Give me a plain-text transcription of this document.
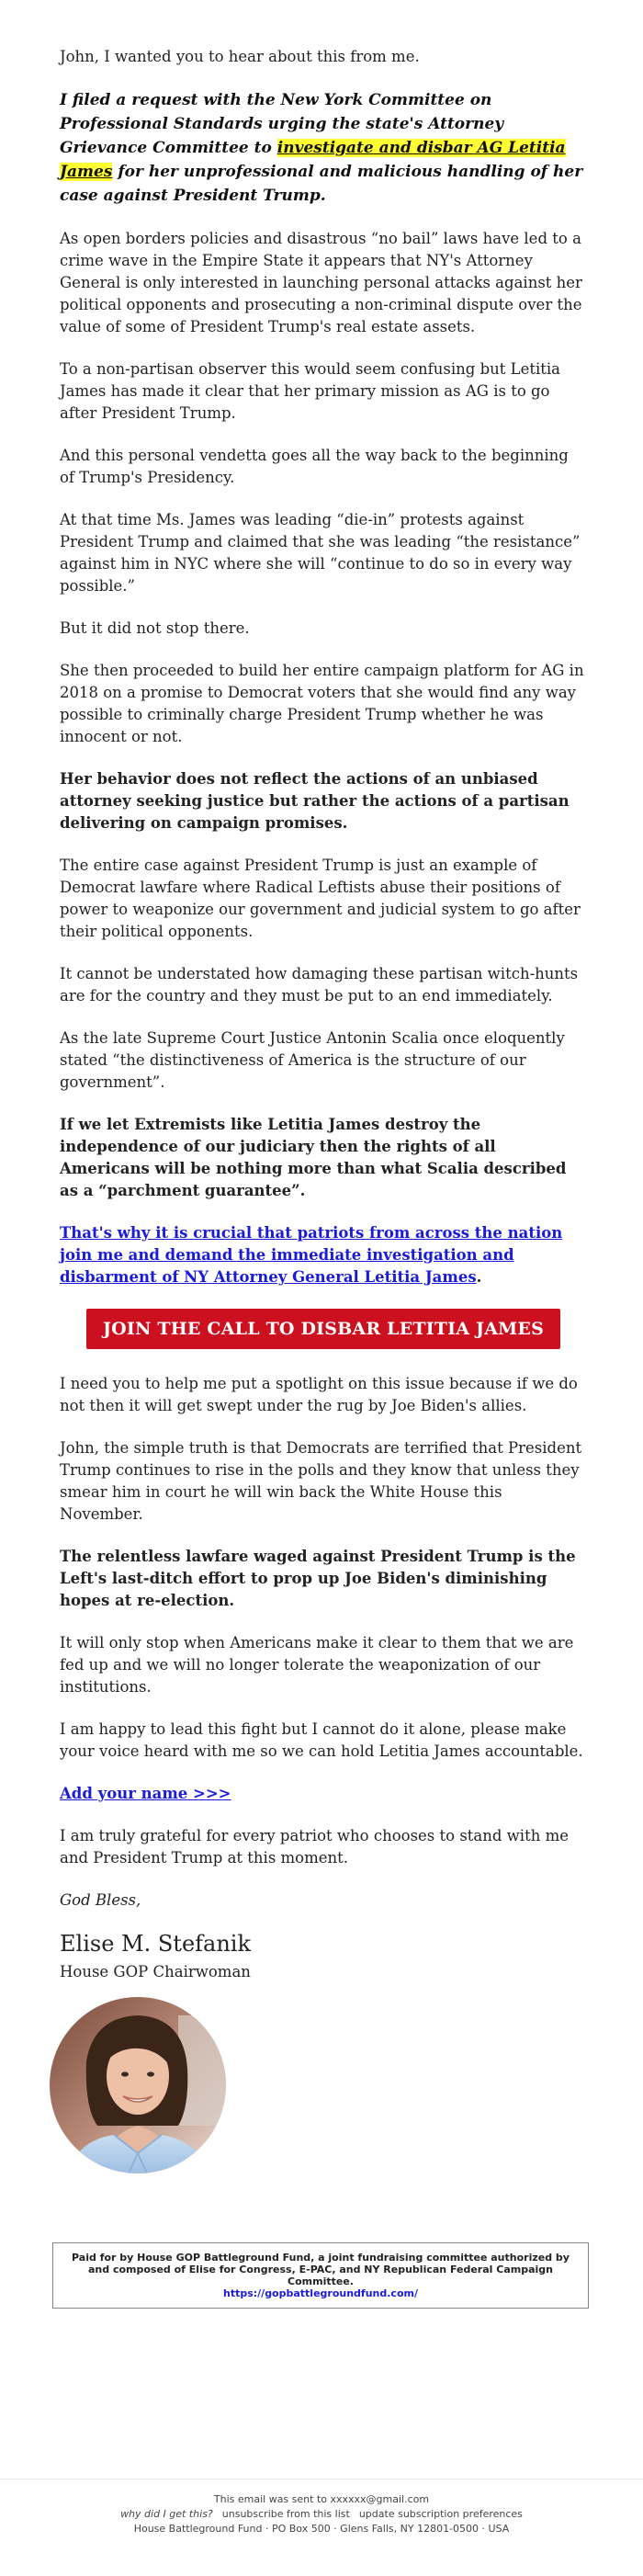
John, I wanted you to hear about this from me.

I filed a request with the New York Committee on Professional Standards urging the state's Attorney Grievance Committee to investigate and disbar AG Letitia James for her unprofessional and malicious handling of her case against President Trump.

As open borders policies and disastrous “no bail” laws have led to a crime wave in the Empire State it appears that NY's Attorney General is only interested in launching personal attacks against her political opponents and prosecuting a non-criminal dispute over the value of some of President Trump's real estate assets.

To a non-partisan observer this would seem confusing but Letitia James has made it clear that her primary mission as AG is to go after President Trump.

And this personal vendetta goes all the way back to the beginning of Trump's Presidency.

At that time Ms. James was leading “die-in” protests against President Trump and claimed that she was leading “the resistance” against him in NYC where she will “continue to do so in every way possible.”

But it did not stop there.

She then proceeded to build her entire campaign platform for AG in 2018 on a promise to Democrat voters that she would find any way possible to criminally charge President Trump whether he was innocent or not.

Her behavior does not reflect the actions of an unbiased attorney seeking justice but rather the actions of a partisan delivering on campaign promises.

The entire case against President Trump is just an example of Democrat lawfare where Radical Leftists abuse their positions of power to weaponize our government and judicial system to go after their political opponents.

It cannot be understated how damaging these partisan witch-hunts are for the country and they must be put to an end immediately.

As the late Supreme Court Justice Antonin Scalia once eloquently stated “the distinctiveness of America is the structure of our government”.

If we let Extremists like Letitia James destroy the independence of our judiciary then the rights of all Americans will be nothing more than what Scalia described as a “parchment guarantee”.

That's why it is crucial that patriots from across the nation join me and demand the immediate investigation and disbarment of NY Attorney General Letitia James.

JOIN THE CALL TO DISBAR LETITIA JAMES

I need you to help me put a spotlight on this issue because if we do not then it will get swept under the rug by Joe Biden's allies.

John, the simple truth is that Democrats are terrified that President Trump continues to rise in the polls and they know that unless they smear him in court he will win back the White House this November.

The relentless lawfare waged against President Trump is the Left's last-ditch effort to prop up Joe Biden's diminishing hopes at re-election.

It will only stop when Americans make it clear to them that we are fed up and we will no longer tolerate the weaponization of our institutions.

I am happy to lead this fight but I cannot do it alone, please make your voice heard with me so we can hold Letitia James accountable.

Add your name >>>

I am truly grateful for every patriot who chooses to stand with me and President Trump at this moment.

God Bless,

Elise M. Stefanik
House GOP Chairwoman
Paid for by House GOP Battleground Fund, a joint fundraising committee authorized by and composed of Elise for Congress, E-PAC, and NY Republican Federal Campaign Committee.
https://gopbattlegroundfund.com/
This email was sent to xxxxxx@gmail.com
why did I get this? unsubscribe from this list update subscription preferences
House Battleground Fund · PO Box 500 · Glens Falls, NY 12801-0500 · USA
